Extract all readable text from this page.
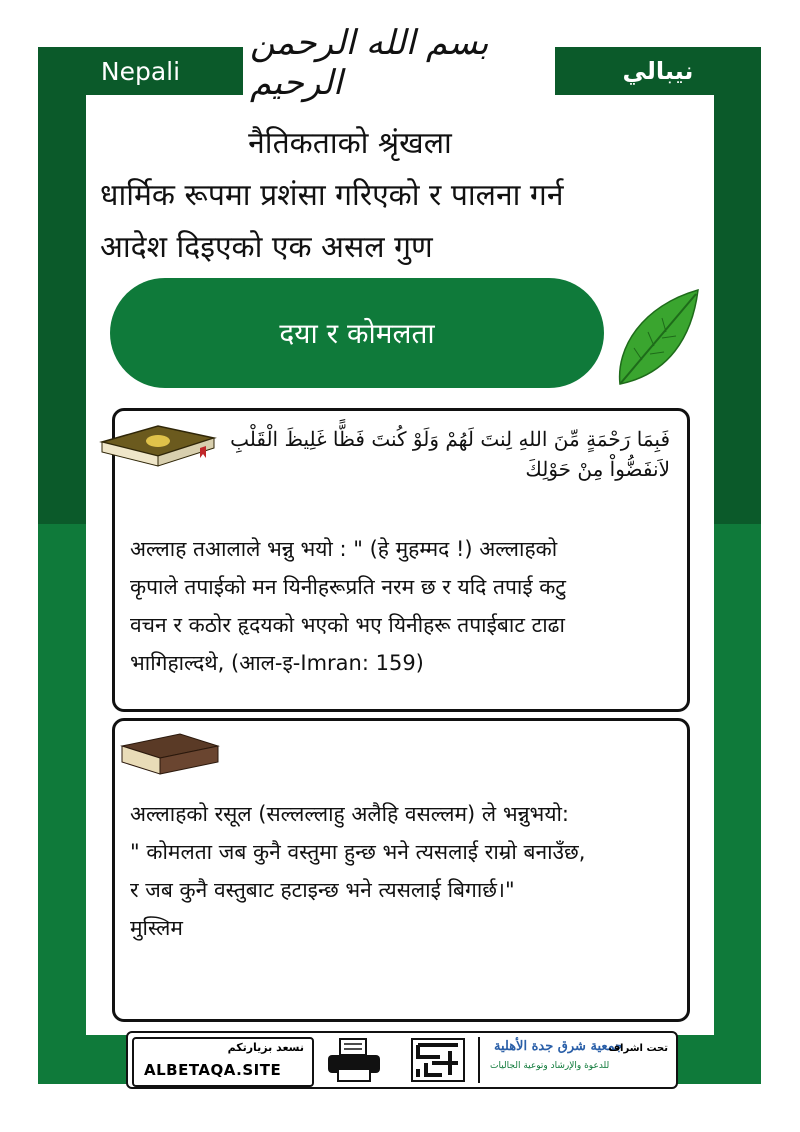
Nepali	نيبالي
بسم الله الرحمن الرحيم
नैतिकताको श्रृंखला
धार्मिक रूपमा प्रशंसा गरिएको र पालना गर्न
आदेश दिइएको एक असल गुण
दया र कोमलता
فَبِمَا رَحْمَةٍ مِّنَ اللهِ لِنتَ لَهُمْ وَلَوْ كُنتَ فَظًّا غَلِيظَ الْقَلْبِ لاَنفَضُّواْ مِنْ حَوْلِكَ
अल्लाह तआलाले भन्नु भयो : " (हे मुहम्मद !) अल्लाहको
कृपाले तपाईको मन यिनीहरूप्रति नरम छ र यदि तपाई कटु
वचन र कठोर हृदयको भएको भए यिनीहरू तपाईबाट टाढा
भागिहाल्दथे, (आल-इ-Imran: 159)
अल्लाहको रसूल (सल्लल्लाहु अलैहि वसल्लम) ले भन्नुभयो:
" कोमलता जब कुनै वस्तुमा हुन्छ भने त्यसलाई राम्रो बनाउँछ,
र जब कुनै वस्तुबाट हटाइन्छ भने त्यसलाई बिगार्छ।"
मुस्लिम
نسعد بزيارتكم
ALBETAQA.SITE
جمعية شرق جدة الأهلية
للدعوة والإرشاد وتوعية الجاليات
تحت اشراف
